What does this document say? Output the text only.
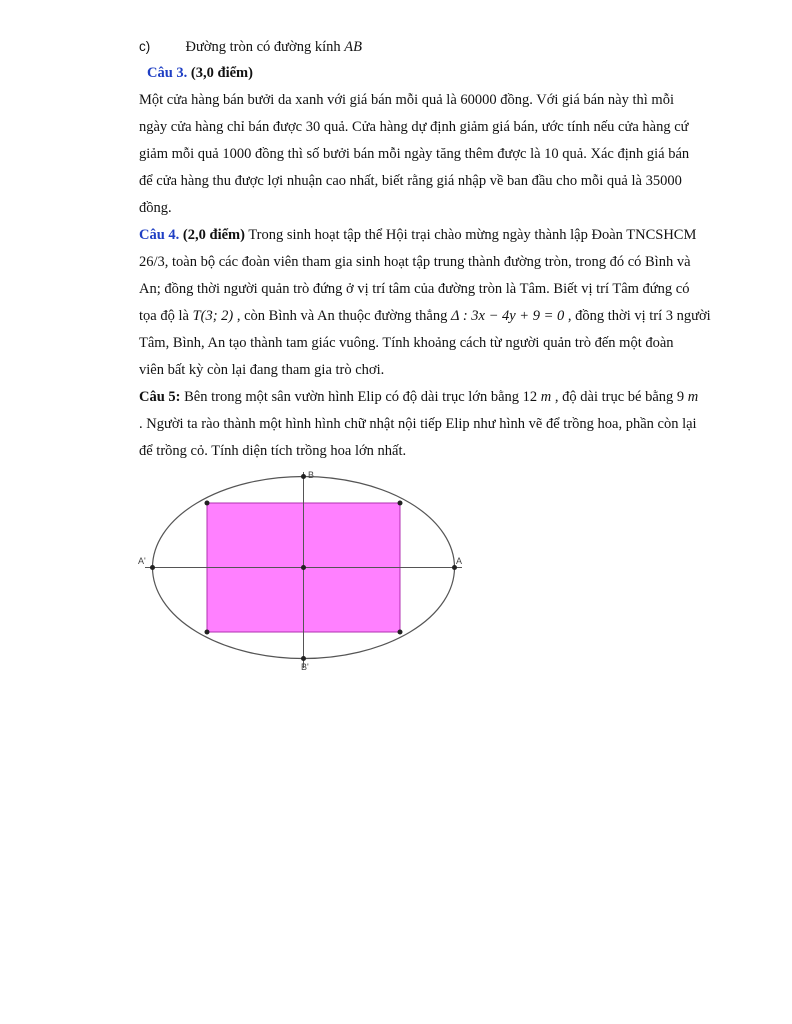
c) Đường tròn có đường kính AB
Câu 3. (3,0 điểm)
Một cửa hàng bán bưởi da xanh với giá bán mỗi quả là 60000 đồng. Với giá bán này thì mỗi
ngày cửa hàng chỉ bán được 30 quả. Cửa hàng dự định giảm giá bán, ước tính nếu cửa hàng cứ
giảm mỗi quả 1000 đồng thì số bưởi bán mỗi ngày tăng thêm được là 10 quả. Xác định giá bán
để cửa hàng thu được lợi nhuận cao nhất, biết rằng giá nhập về ban đầu cho mỗi quả là 35000
đồng.
Câu 4. (2,0 điểm) Trong sinh hoạt tập thể Hội trại chào mừng ngày thành lập Đoàn TNCSHCM
26/3, toàn bộ các đoàn viên tham gia sinh hoạt tập trung thành đường tròn, trong đó có Bình và
An; đồng thời người quản trò đứng ở vị trí tâm của đường tròn là Tâm. Biết vị trí Tâm đứng có
tọa độ là T(3; 2) , còn Bình và An thuộc đường thẳng Δ : 3x − 4y + 9 = 0 , đồng thời vị trí 3 người
Tâm, Bình, An tạo thành tam giác vuông. Tính khoảng cách từ người quản trò đến một đoàn
viên bất kỳ còn lại đang tham gia trò chơi.
Câu 5: Bên trong một sân vườn hình Elip có độ dài trục lớn bằng 12 m , độ dài trục bé bằng 9 m
. Người ta rào thành một hình hình chữ nhật nội tiếp Elip như hình vẽ để trồng hoa, phần còn lại
để trồng cỏ. Tính diện tích trồng hoa lớn nhất.
B
B'
A
A'
